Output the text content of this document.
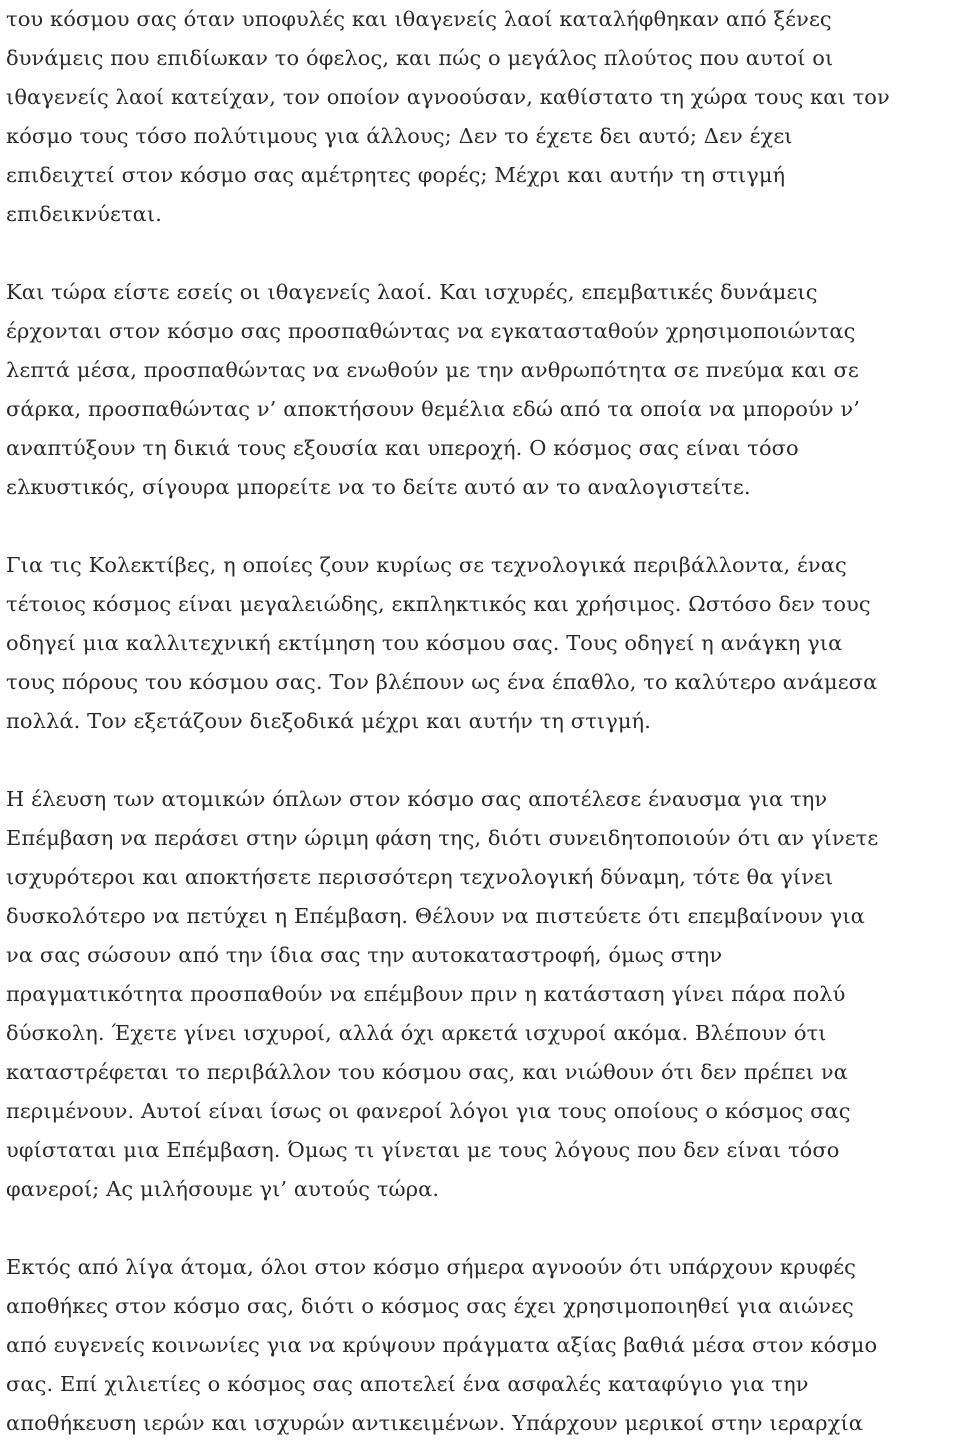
του κόσμου σας όταν υποφυλές και ιθαγενείς λαοί καταλήφθηκαν από ξένες
δυνάμεις που επιδίωκαν το όφελος, και πώς ο μεγάλος πλούτος που αυτοί οι
ιθαγενείς λαοί κατείχαν, τον οποίον αγνοούσαν, καθίστατο τη χώρα τους και τον
κόσμο τους τόσο πολύτιμους για άλλους; Δεν το έχετε δει αυτό; Δεν έχει
επιδειχτεί στον κόσμο σας αμέτρητες φορές; Μέχρι και αυτήν τη στιγμή
επιδεικνύεται.
Και τώρα είστε εσείς οι ιθαγενείς λαοί. Και ισχυρές, επεμβατικές δυνάμεις
έρχονται στον κόσμο σας προσπαθώντας να εγκατασταθούν χρησιμοποιώντας
λεπτά μέσα, προσπαθώντας να ενωθούν με την ανθρωπότητα σε πνεύμα και σε
σάρκα, προσπαθώντας ν’ αποκτήσουν θεμέλια εδώ από τα οποία να μπορούν ν’
αναπτύξουν τη δικιά τους εξουσία και υπεροχή. Ο κόσμος σας είναι τόσο
ελκυστικός, σίγουρα μπορείτε να το δείτε αυτό αν το αναλογιστείτε.
Για τις Κολεκτίβες, η οποίες ζουν κυρίως σε τεχνολογικά περιβάλλοντα, ένας
τέτοιος κόσμος είναι μεγαλειώδης, εκπληκτικός και χρήσιμος. Ωστόσο δεν τους
οδηγεί μια καλλιτεχνική εκτίμηση του κόσμου σας. Τους οδηγεί η ανάγκη για
τους πόρους του κόσμου σας. Τον βλέπουν ως ένα έπαθλο, το καλύτερο ανάμεσα
πολλά. Τον εξετάζουν διεξοδικά μέχρι και αυτήν τη στιγμή.
Η έλευση των ατομικών όπλων στον κόσμο σας αποτέλεσε έναυσμα για την
Επέμβαση να περάσει στην ώριμη φάση της, διότι συνειδητοποιούν ότι αν γίνετε
ισχυρότεροι και αποκτήσετε περισσότερη τεχνολογική δύναμη, τότε θα γίνει
δυσκολότερο να πετύχει η Επέμβαση. Θέλουν να πιστεύετε ότι επεμβαίνουν για
να σας σώσουν από την ίδια σας την αυτοκαταστροφή, όμως στην
πραγματικότητα προσπαθούν να επέμβουν πριν η κατάσταση γίνει πάρα πολύ
δύσκολη. Έχετε γίνει ισχυροί, αλλά όχι αρκετά ισχυροί ακόμα. Βλέπουν ότι
καταστρέφεται το περιβάλλον του κόσμου σας, και νιώθουν ότι δεν πρέπει να
περιμένουν. Αυτοί είναι ίσως οι φανεροί λόγοι για τους οποίους ο κόσμος σας
υφίσταται μια Επέμβαση. Όμως τι γίνεται με τους λόγους που δεν είναι τόσο
φανεροί; Ας μιλήσουμε γι’ αυτούς τώρα.
Εκτός από λίγα άτομα, όλοι στον κόσμο σήμερα αγνοούν ότι υπάρχουν κρυφές
αποθήκες στον κόσμο σας, διότι ο κόσμος σας έχει χρησιμοποιηθεί για αιώνες
από ευγενείς κοινωνίες για να κρύψουν πράγματα αξίας βαθιά μέσα στον κόσμο
σας. Επί χιλιετίες ο κόσμος σας αποτελεί ένα ασφαλές καταφύγιο για την
αποθήκευση ιερών και ισχυρών αντικειμένων. Υπάρχουν μερικοί στην ιεραρχία
